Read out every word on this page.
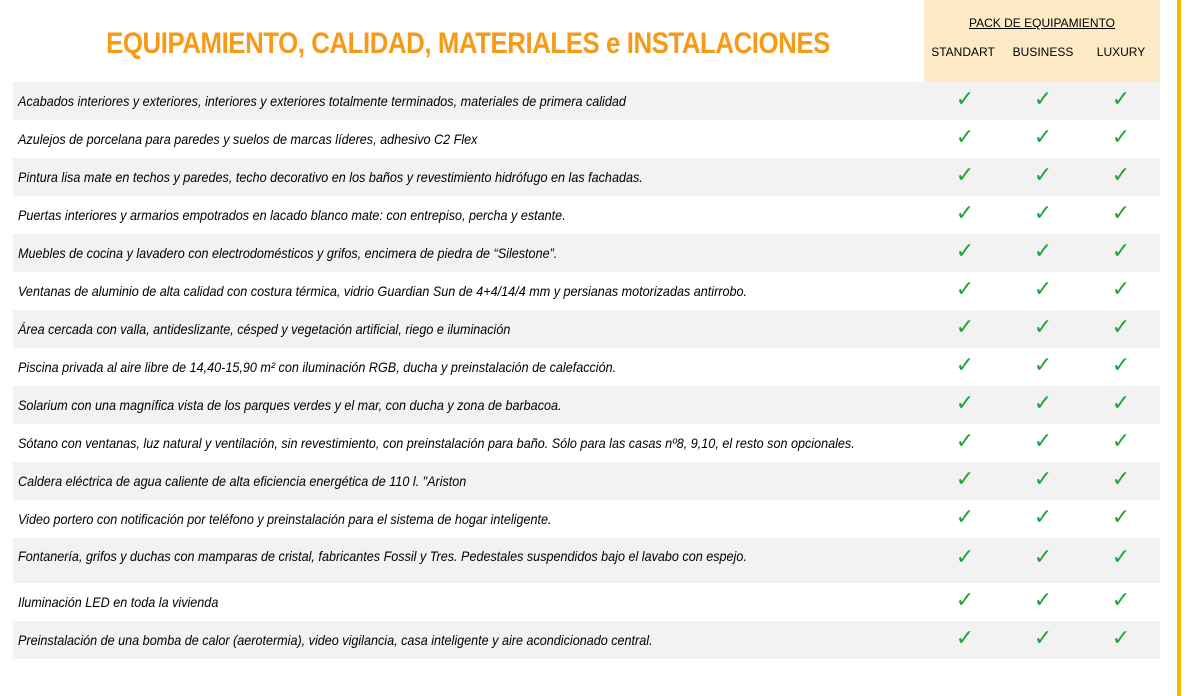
EQUIPAMIENTO, CALIDAD, MATERIALES e INSTALACIONES
PACK DE EQUIPAMIENTO
STANDART	BUSINESS	LUXURY
Acabados interiores y exteriores, interiores y exteriores totalmente terminados, materiales de primera calidad	✓	✓	✓
Azulejos de porcelana para paredes y suelos de marcas líderes, adhesivo C2 Flex	✓	✓	✓
Pintura lisa mate en techos y paredes, techo decorativo en los baños y revestimiento hidrófugo en las fachadas.	✓	✓	✓
Puertas interiores y armarios empotrados en lacado blanco mate: con entrepiso, percha y estante.	✓	✓	✓
Muebles de cocina y lavadero con electrodomésticos y grifos, encimera de piedra de “Silestone”.	✓	✓	✓
Ventanas de aluminio de alta calidad con costura térmica, vidrio Guardian Sun de 4+4/14/4 mm y persianas motorizadas antirrobo.	✓	✓	✓
Área cercada con valla, antideslizante, césped y vegetación artificial, riego e iluminación	✓	✓	✓
Piscina privada al aire libre de 14,40-15,90 m² con iluminación RGB, ducha y preinstalación de calefacción.	✓	✓	✓
Solarium con una magnífica vista de los parques verdes y el mar, con ducha y zona de barbacoa.	✓	✓	✓
Sótano con ventanas, luz natural y ventilación, sin revestimiento, con preinstalación para baño. Sólo para las casas nº8, 9,10, el resto son opcionales.	✓	✓	✓
Caldera eléctrica de agua caliente de alta eficiencia energética de 110 l. "Ariston	✓	✓	✓
Video portero con notificación por teléfono y preinstalación para el sistema de hogar inteligente.	✓	✓	✓
Fontanería, grifos y duchas con mamparas de cristal, fabricantes Fossil y Tres. Pedestales suspendidos bajo el lavabo con espejo.	✓	✓	✓
Iluminación LED en toda la vivienda	✓	✓	✓
Preinstalación de una bomba de calor (aerotermia), video vigilancia, casa inteligente y aire acondicionado central.	✓	✓	✓
